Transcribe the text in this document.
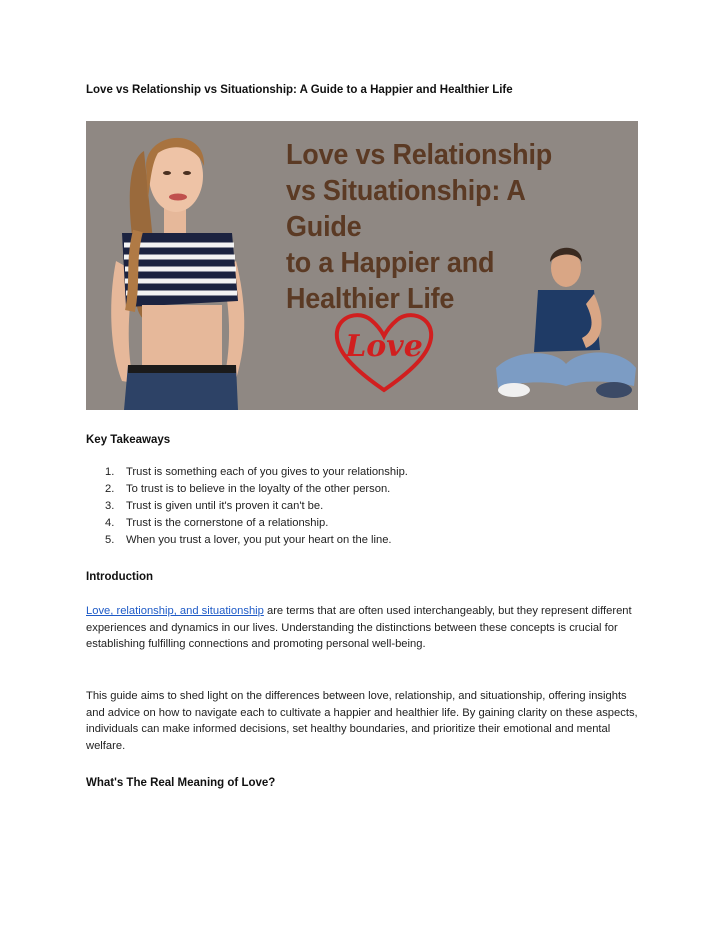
Love vs Relationship vs Situationship: A Guide to a Happier and Healthier Life
Love vs Relationship
vs Situationship: A Guide
to a Happier and
Healthier Life
Love
Key Takeaways
1.	Trust is something each of you gives to your relationship.
2.	To trust is to believe in the loyalty of the other person.
3.	Trust is given until it's proven it can't be.
4.	Trust is the cornerstone of a relationship.
5.	When you trust a lover, you put your heart on the line.
Introduction

Love, relationship, and situationship are terms that are often used interchangeably, but they represent different experiences and dynamics in our lives. Understanding the distinctions between these concepts is crucial for establishing fulfilling connections and promoting personal well-being.

This guide aims to shed light on the differences between love, relationship, and situationship, offering insights and advice on how to navigate each to cultivate a happier and healthier life. By gaining clarity on these aspects, individuals can make informed decisions, set healthy boundaries, and prioritize their emotional and mental welfare.

What's The Real Meaning of Love?
